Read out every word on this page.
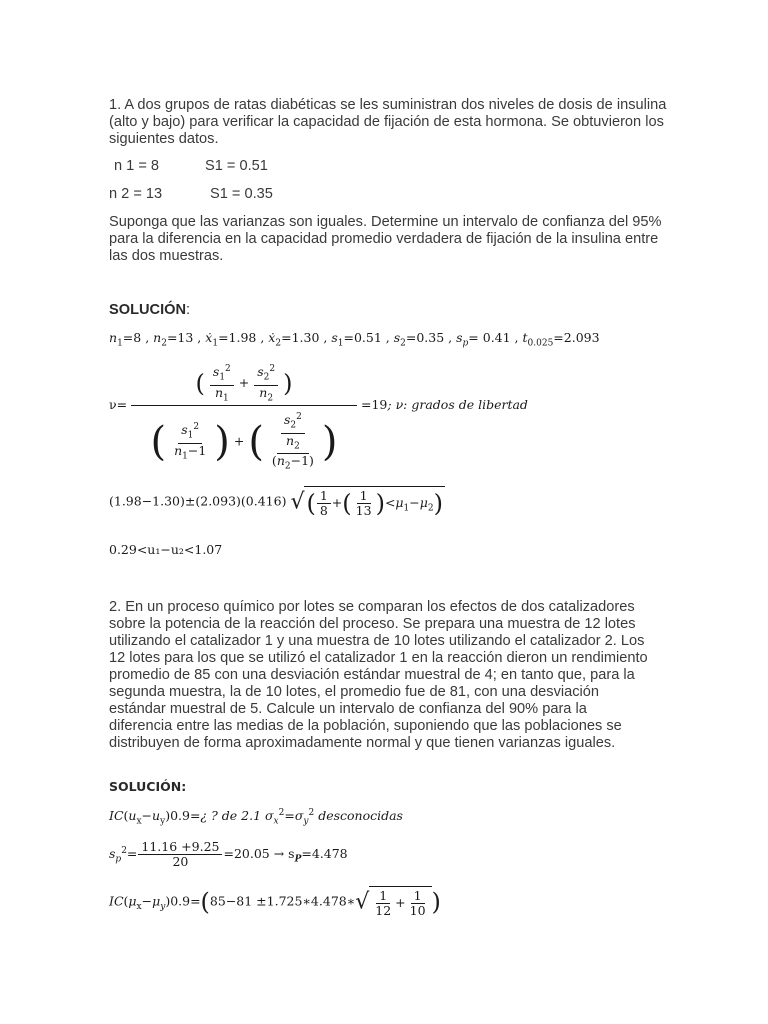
1. A dos grupos de ratas diabéticas se les suministran dos niveles de dosis de insulina (alto y bajo) para verificar la capacidad de fijación de esta hormona. Se obtuvieron los siguientes datos.

n 1 = 8	S1 = 0.51
n 2 = 13	S1 = 0.35

Suponga que las varianzas son iguales. Determine un intervalo de confianza del 95% para la diferencia en la capacidad promedio verdadera de fijación de la insulina entre las dos muestras.

SOLUCIÓN:
$n_1=8$ , $n_2=13$ , ẋ$_1$=1.98 , ẋ$_2$=1.30 , $s_1=0.51$ , $s_2=0.35$ , $s_p= 0.41$ , $t_{0.025}=2.093$
ν=
( $\frac{s_1^2}{n_1} + \frac{s_2^2}{n_2}$ )
( $\frac{s_1^2}{n_1-1}$ ) + ( $\frac{\frac{s_2^2}{n_2}}{(n_2-1)}$ )
=19; ν: grados de libertad
(1.98−1.30)±(2.093)(0.416) √( $\frac{1}{8}$ +( $\frac{1}{13} )<\mu_1-\mu_2$)
0.29<u₁−u₂<1.07

2. En un proceso químico por lotes se comparan los efectos de dos catalizadores sobre la potencia de la reacción del proceso. Se prepara una muestra de 12 lotes utilizando el catalizador 1 y una muestra de 10 lotes utilizando el catalizador 2. Los 12 lotes para los que se utilizó el catalizador 1 en la reacción dieron un rendimiento promedio de 85 con una desviación estándar muestral de 4; en tanto que, para la segunda muestra, la de 10 lotes, el promedio fue de 81, con una desviación estándar muestral de 5. Calcule un intervalo de confianza del 90% para la diferencia entre las medias de la población, suponiendo que las poblaciones se distribuyen de forma aproximadamente normal y que tienen varianzas iguales.

SOLUCIÓN:
$IC(u_x-u_y)0.9=¿$ ? de 2.1 $\sigma_x^2=\sigma_y^2$ desconocidas
$s_p^2= \frac{11.16 +9.25}{20} =20.05 \to s_P=4.478$
$IC(\mu_x-\mu_y)0.9=(85-81$ ±1.725∗4.478∗√ $\frac{1}{12} + \frac{1}{10}$ )
